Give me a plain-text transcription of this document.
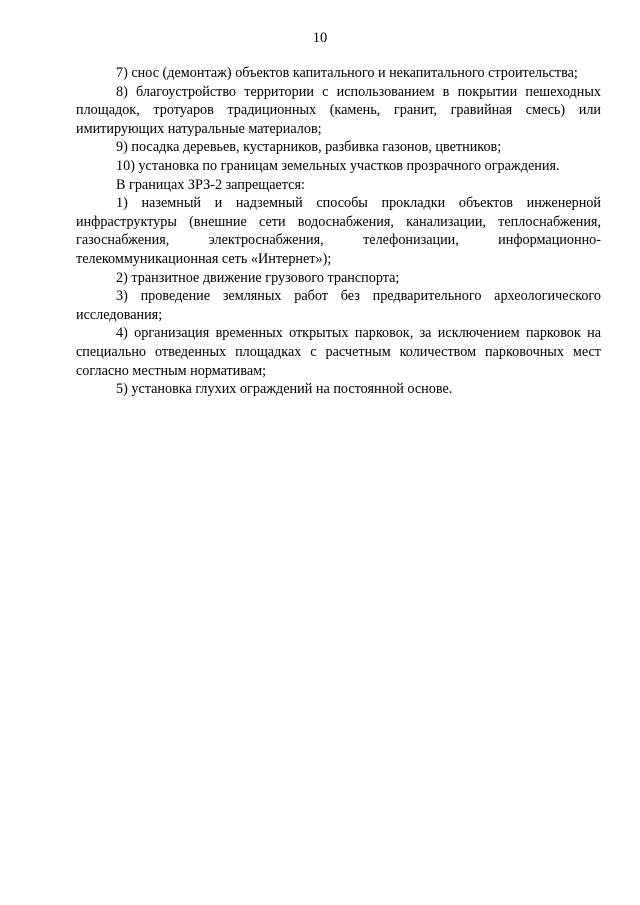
10

7) снос (демонтаж) объектов капитального и некапитального строительства;

8) благоустройство территории с использованием в покрытии пешеходных площадок, тротуаров традиционных (камень, гранит, гравийная смесь) или имитирующих натуральные материалов;

9) посадка деревьев, кустарников, разбивка газонов, цветников;

10) установка по границам земельных участков прозрачного ограждения.

В границах ЗРЗ-2 запрещается:

1) наземный и надземный способы прокладки объектов инженерной инфраструктуры (внешние сети водоснабжения, канализации, теплоснабжения, газоснабжения, электроснабжения, телефонизации, информационно-телекоммуникационная сеть «Интернет»);

2) транзитное движение грузового транспорта;

3) проведение земляных работ без предварительного археологического исследования;

4) организация временных открытых парковок, за исключением парковок на специально отведенных площадках с расчетным количеством парковочных мест согласно местным нормативам;

5) установка глухих ограждений на постоянной основе.
